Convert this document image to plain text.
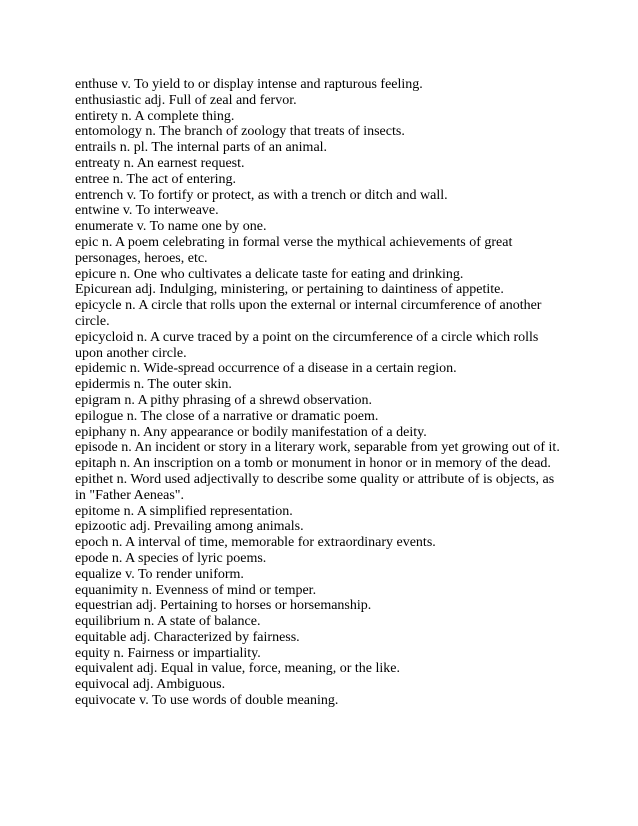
enthuse v. To yield to or display intense and rapturous feeling.

enthusiastic adj. Full of zeal and fervor.

entirety n. A complete thing.

entomology n. The branch of zoology that treats of insects.

entrails n. pl. The internal parts of an animal.

entreaty n. An earnest request.

entree n. The act of entering.

entrench v. To fortify or protect, as with a trench or ditch and wall.

entwine v. To interweave.

enumerate v. To name one by one.

epic n. A poem celebrating in formal verse the mythical achievements of great personages, heroes, etc.

epicure n. One who cultivates a delicate taste for eating and drinking.

Epicurean adj. Indulging, ministering, or pertaining to daintiness of appetite.

epicycle n. A circle that rolls upon the external or internal circumference of another circle.

epicycloid n. A curve traced by a point on the circumference of a circle which rolls upon another circle.

epidemic n. Wide-spread occurrence of a disease in a certain region.

epidermis n. The outer skin.

epigram n. A pithy phrasing of a shrewd observation.

epilogue n. The close of a narrative or dramatic poem.

epiphany n. Any appearance or bodily manifestation of a deity.

episode n. An incident or story in a literary work, separable from yet growing out of it.

epitaph n. An inscription on a tomb or monument in honor or in memory of the dead.

epithet n. Word used adjectivally to describe some quality or attribute of is objects, as in "Father Aeneas".

epitome n. A simplified representation.

epizootic adj. Prevailing among animals.

epoch n. A interval of time, memorable for extraordinary events.

epode n. A species of lyric poems.

equalize v. To render uniform.

equanimity n. Evenness of mind or temper.

equestrian adj. Pertaining to horses or horsemanship.

equilibrium n. A state of balance.

equitable adj. Characterized by fairness.

equity n. Fairness or impartiality.

equivalent adj. Equal in value, force, meaning, or the like.

equivocal adj. Ambiguous.

equivocate v. To use words of double meaning.
